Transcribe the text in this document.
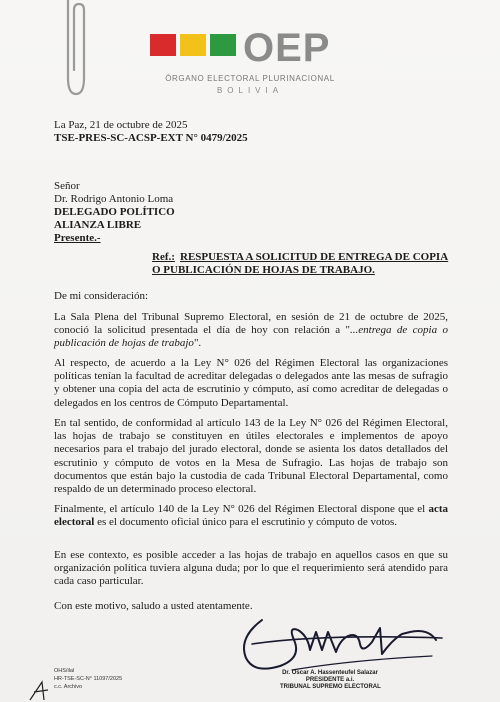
OEP
ÓRGANO ELECTORAL PLURINACIONAL
BOLIVIA
La Paz, 21 de octubre de 2025
TSE-PRES-SC-ACSP-EXT N° 0479/2025
Señor
Dr. Rodrigo Antonio Loma
DELEGADO POLÍTICO
ALIANZA LIBRE
Presente.-
Ref.: RESPUESTA A SOLICITUD DE ENTREGA DE COPIA
O PUBLICACIÓN DE HOJAS DE TRABAJO.
De mi consideración:
La Sala Plena del Tribunal Supremo Electoral, en sesión de 21 de octubre de 2025, conoció la solicitud presentada el día de hoy con relación a "...entrega de copia o publicación de hojas de trabajo".
Al respecto, de acuerdo a la Ley N° 026 del Régimen Electoral las organizaciones políticas tenían la facultad de acreditar delegadas o delegados ante las mesas de sufragio y obtener una copia del acta de escrutinio y cómputo, así como acreditar de delegadas o delegados en los centros de Cómputo Departamental.
En tal sentido, de conformidad al artículo 143 de la Ley N° 026 del Régimen Electoral, las hojas de trabajo se constituyen en útiles electorales e implementos de apoyo necesarios para el trabajo del jurado electoral, donde se asienta los datos detallados del escrutinio y cómputo de votos en la Mesa de Sufragio. Las hojas de trabajo son documentos que están bajo la custodia de cada Tribunal Electoral Departamental, como respaldo de un determinado proceso electoral.
Finalmente, el artículo 140 de la Ley N° 026 del Régimen Electoral dispone que el acta electoral es el documento oficial único para el escrutinio y cómputo de votos.
En ese contexto, es posible acceder a las hojas de trabajo en aquellos casos en que su organización política tuviera alguna duda; por lo que el requerimiento será atendido para cada caso particular.
Con este motivo, saludo a usted atentamente.
Dr. Oscar A. Hassenteufel Salazar
PRESIDENTE a.i.
TRIBUNAL SUPREMO ELECTORAL
OHS/ilal
HR-TSE-SC-N° 11097/2025
c.c. Archivo
